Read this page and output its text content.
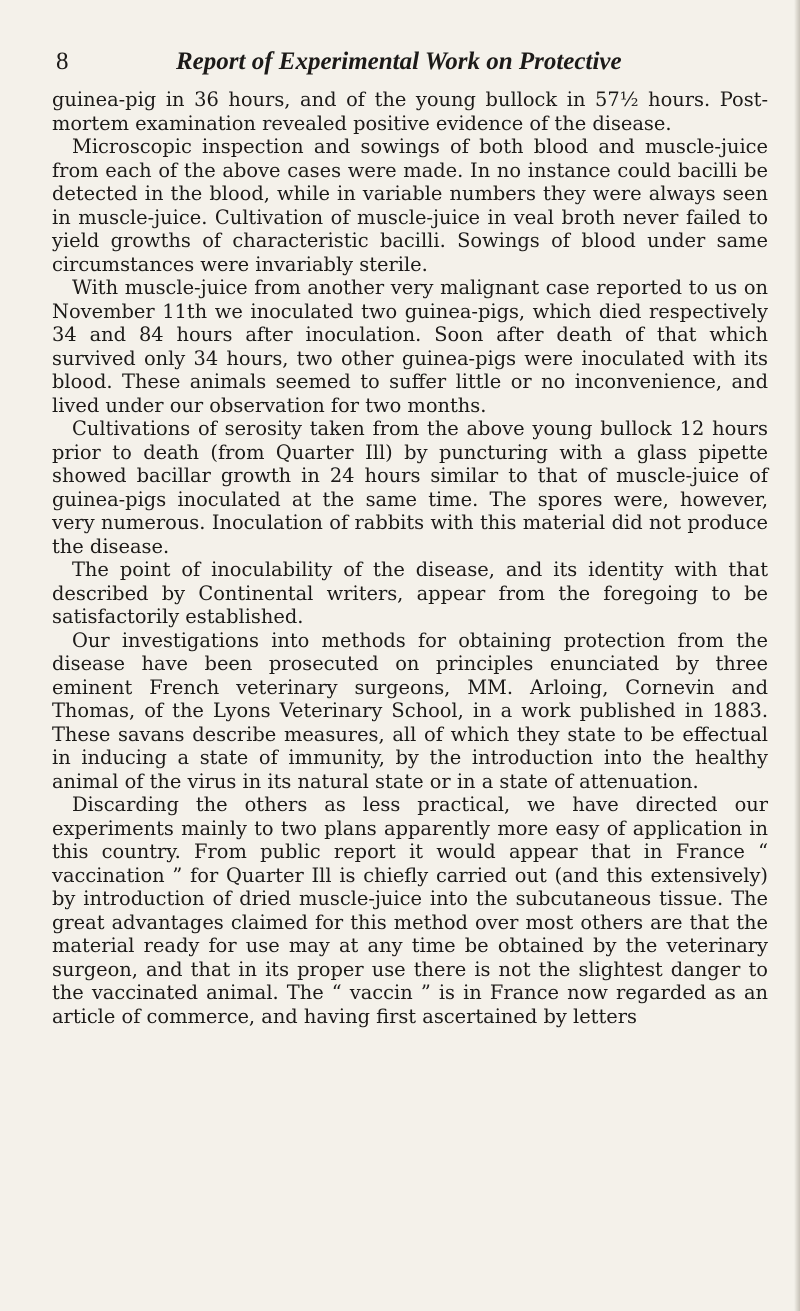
8	Report of Experimental Work on Protective

guinea-pig in 36 hours, and of the young bullock in 57½ hours. Post-mortem examination revealed positive evidence of the disease.

Microscopic inspection and sowings of both blood and muscle-juice from each of the above cases were made. In no instance could bacilli be detected in the blood, while in variable numbers they were always seen in muscle-juice. Cultivation of muscle-juice in veal broth never failed to yield growths of characteristic bacilli. Sowings of blood under same circumstances were invariably sterile.

With muscle-juice from another very malignant case reported to us on November 11th we inoculated two guinea-pigs, which died respectively 34 and 84 hours after inoculation. Soon after death of that which survived only 34 hours, two other guinea-pigs were inoculated with its blood. These animals seemed to suffer little or no inconvenience, and lived under our observation for two months.

Cultivations of serosity taken from the above young bullock 12 hours prior to death (from Quarter Ill) by puncturing with a glass pipette showed bacillar growth in 24 hours similar to that of muscle-juice of guinea-pigs inoculated at the same time. The spores were, however, very numerous. Inoculation of rabbits with this material did not produce the disease.

The point of inoculability of the disease, and its identity with that described by Continental writers, appear from the foregoing to be satisfactorily established.

Our investigations into methods for obtaining protection from the disease have been prosecuted on principles enunciated by three eminent French veterinary surgeons, MM. Arloing, Cornevin and Thomas, of the Lyons Veterinary School, in a work published in 1883. These savans describe measures, all of which they state to be effectual in inducing a state of immunity, by the introduction into the healthy animal of the virus in its natural state or in a state of attenuation.

Discarding the others as less practical, we have directed our experiments mainly to two plans apparently more easy of application in this country. From public report it would appear that in France “ vaccination ” for Quarter Ill is chiefly carried out (and this extensively) by introduction of dried muscle-juice into the subcutaneous tissue. The great advantages claimed for this method over most others are that the material ready for use may at any time be obtained by the veterinary surgeon, and that in its proper use there is not the slightest danger to the vaccinated animal. The “ vaccin ” is in France now regarded as an article of commerce, and having first ascertained by letters
